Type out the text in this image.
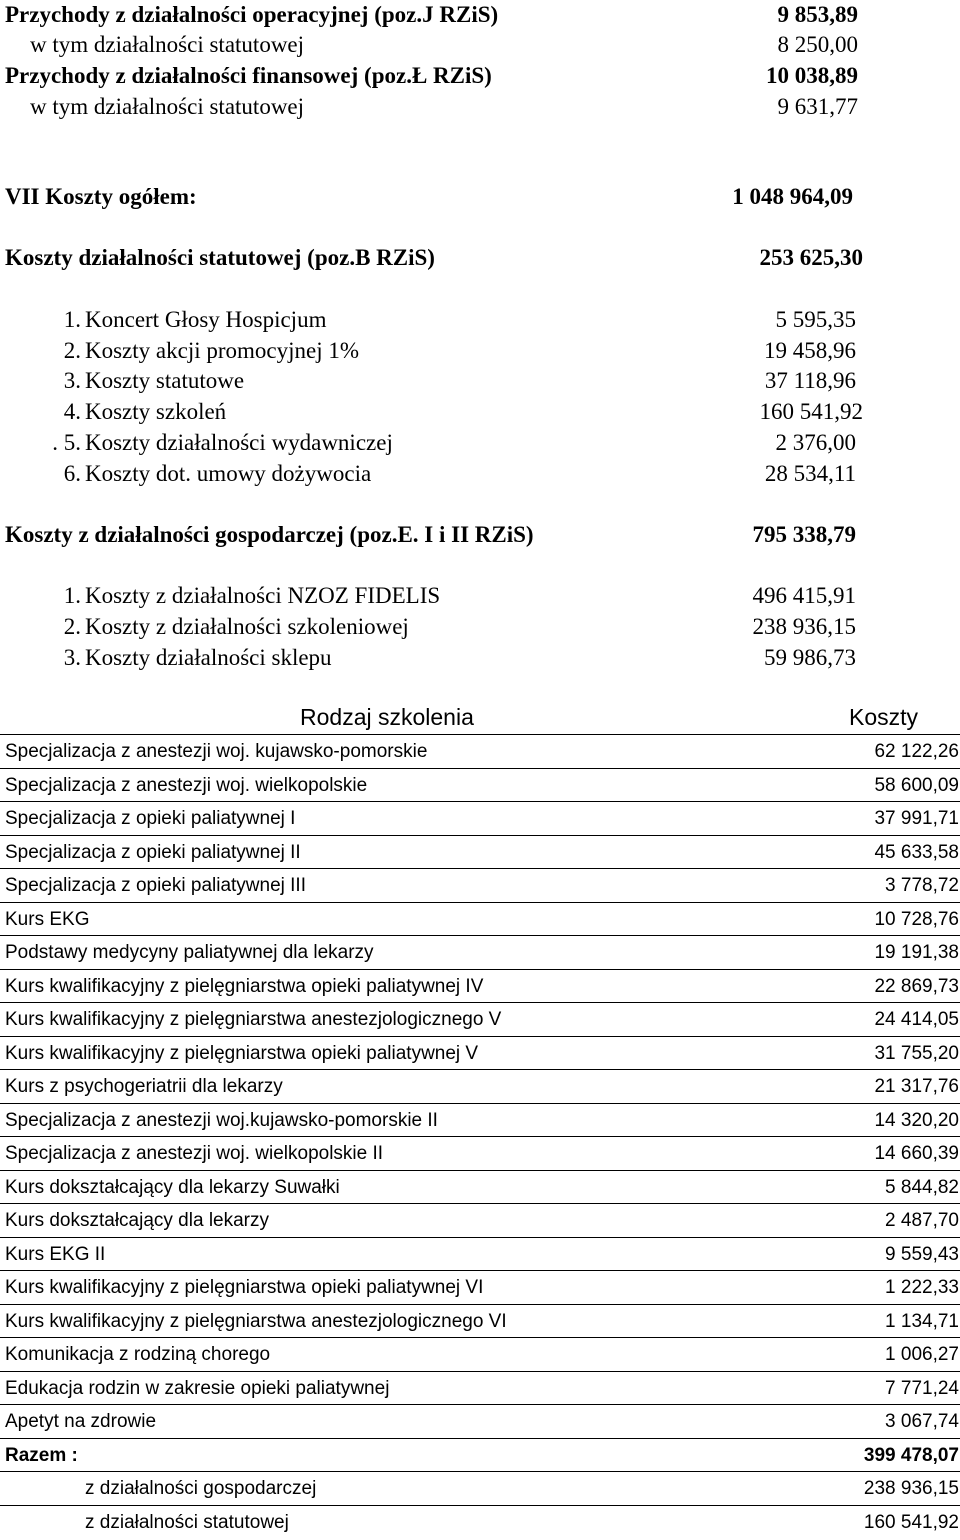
Przychody z działalności operacyjnej (poz.J RZiS)	9 853,89
w tym działalności statutowej	8 250,00
Przychody z działalności finansowej (poz.Ł RZiS)	10 038,89
w tym działalności statutowej	9 631,77
VII Koszty ogółem:	1 048 964,09
Koszty działalności statutowej (poz.B RZiS)	253 625,30
1. Koncert Głosy Hospicjum	5 595,35
2. Koszty akcji promocyjnej 1%	19 458,96
3. Koszty statutowe	37 118,96
4. Koszty szkoleń	160 541,92
. 5. Koszty działalności wydawniczej	2 376,00
6. Koszty dot. umowy dożywocia	28 534,11
Koszty z działalności gospodarczej (poz.E. I i II RZiS)	795 338,79
1. Koszty z działalności NZOZ FIDELIS	496 415,91
2. Koszty z działalności szkoleniowej	238 936,15
3. Koszty działalności sklepu	59 986,73
Rodzaj szkolenia	Koszty
Specjalizacja z anestezji woj. kujawsko-pomorskie	62 122,26
Specjalizacja z anestezji woj. wielkopolskie	58 600,09
Specjalizacja z opieki paliatywnej I	37 991,71
Specjalizacja z opieki paliatywnej II	45 633,58
Specjalizacja z opieki paliatywnej III	3 778,72
Kurs EKG	10 728,76
Podstawy medycyny paliatywnej dla lekarzy	19 191,38
Kurs kwalifikacyjny z pielęgniarstwa opieki paliatywnej IV	22 869,73
Kurs kwalifikacyjny z pielęgniarstwa anestezjologicznego V	24 414,05
Kurs kwalifikacyjny z pielęgniarstwa opieki paliatywnej V	31 755,20
Kurs z psychogeriatrii dla lekarzy	21 317,76
Specjalizacja z anestezji woj.kujawsko-pomorskie II	14 320,20
Specjalizacja z anestezji woj. wielkopolskie II	14 660,39
Kurs dokształcający dla lekarzy Suwałki	5 844,82
Kurs dokształcający dla lekarzy	2 487,70
Kurs EKG II	9 559,43
Kurs kwalifikacyjny z pielęgniarstwa opieki paliatywnej VI	1 222,33
Kurs kwalifikacyjny z pielęgniarstwa anestezjologicznego VI	1 134,71
Komunikacja z rodziną chorego	1 006,27
Edukacja rodzin w zakresie opieki paliatywnej	7 771,24
Apetyt na zdrowie	3 067,74
Razem :	399 478,07
z działalności gospodarczej	238 936,15
z działalności statutowej	160 541,92
